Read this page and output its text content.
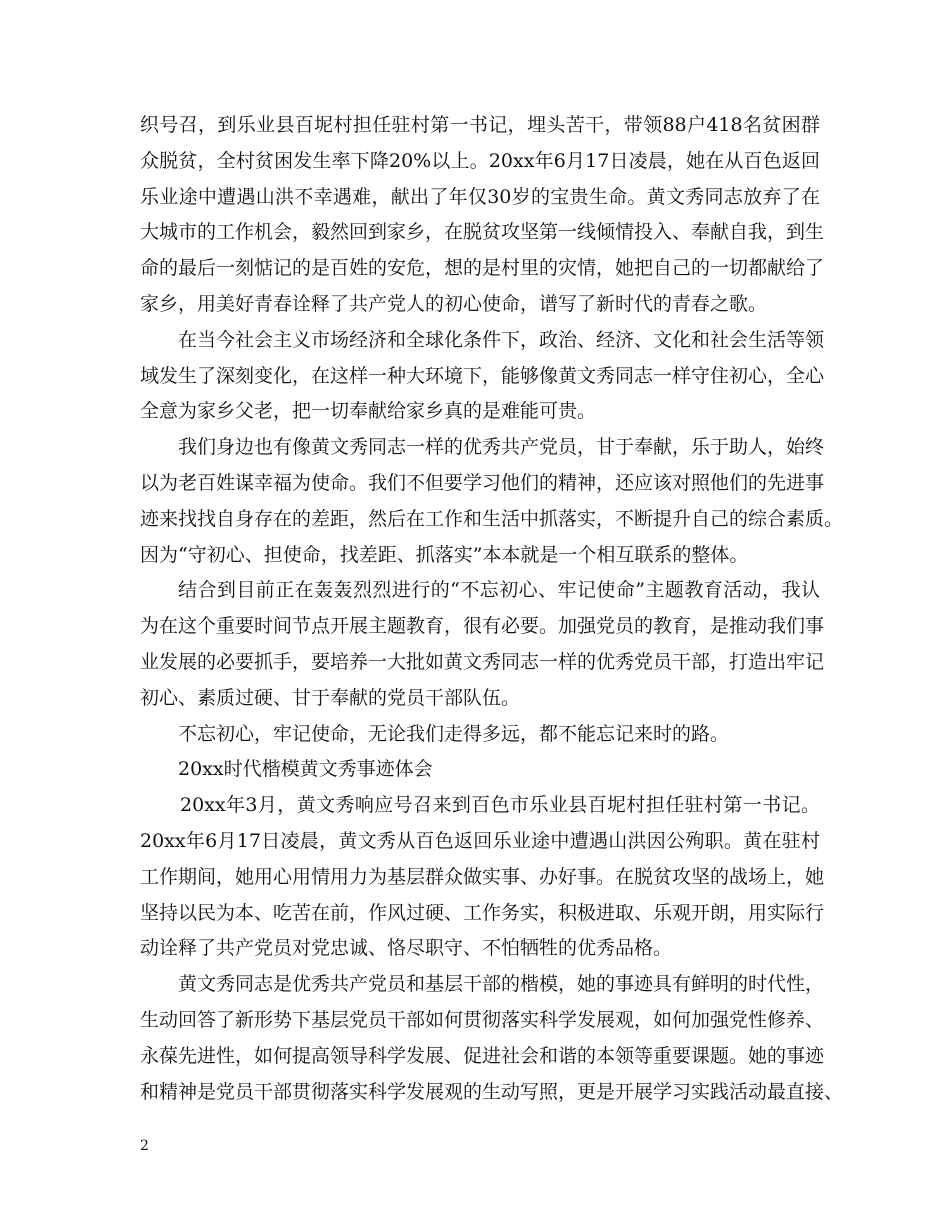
织号召，到乐业县百坭村担任驻村第一书记，埋头苦干，带领88户418名贫困群
众脱贫，全村贫困发生率下降20%以上。20xx年6月17日凌晨，她在从百色返回
乐业途中遭遇山洪不幸遇难，献出了年仅30岁的宝贵生命。黄文秀同志放弃了在
大城市的工作机会，毅然回到家乡，在脱贫攻坚第一线倾情投入、奉献自我，到生
命的最后一刻惦记的是百姓的安危，想的是村里的灾情，她把自己的一切都献给了
家乡，用美好青春诠释了共产党人的初心使命，谱写了新时代的青春之歌。
在当今社会主义市场经济和全球化条件下，政治、经济、文化和社会生活等领
域发生了深刻变化，在这样一种大环境下，能够像黄文秀同志一样守住初心，全心
全意为家乡父老，把一切奉献给家乡真的是难能可贵。
我们身边也有像黄文秀同志一样的优秀共产党员，甘于奉献，乐于助人，始终
以为老百姓谋幸福为使命。我们不但要学习他们的精神，还应该对照他们的先进事
迹来找找自身存在的差距，然后在工作和生活中抓落实，不断提升自己的综合素质。
因为“守初心、担使命，找差距、抓落实”本本就是一个相互联系的整体。
结合到目前正在轰轰烈烈进行的“不忘初心、牢记使命”主题教育活动，我认
为在这个重要时间节点开展主题教育，很有必要。加强党员的教育，是推动我们事
业发展的必要抓手，要培养一大批如黄文秀同志一样的优秀党员干部，打造出牢记
初心、素质过硬、甘于奉献的党员干部队伍。
不忘初心，牢记使命，无论我们走得多远，都不能忘记来时的路。
20xx时代楷模黄文秀事迹体会
20xx年3月，黄文秀响应号召来到百色市乐业县百坭村担任驻村第一书记。
20xx年6月17日凌晨，黄文秀从百色返回乐业途中遭遇山洪因公殉职。黄在驻村
工作期间，她用心用情用力为基层群众做实事、办好事。在脱贫攻坚的战场上，她
坚持以民为本、吃苦在前，作风过硬、工作务实，积极进取、乐观开朗，用实际行
动诠释了共产党员对党忠诚、恪尽职守、不怕牺牲的优秀品格。
黄文秀同志是优秀共产党员和基层干部的楷模，她的事迹具有鲜明的时代性，
生动回答了新形势下基层党员干部如何贯彻落实科学发展观，如何加强党性修养、
永葆先进性，如何提高领导科学发展、促进社会和谐的本领等重要课题。她的事迹
和精神是党员干部贯彻落实科学发展观的生动写照，更是开展学习实践活动最直接、
2
